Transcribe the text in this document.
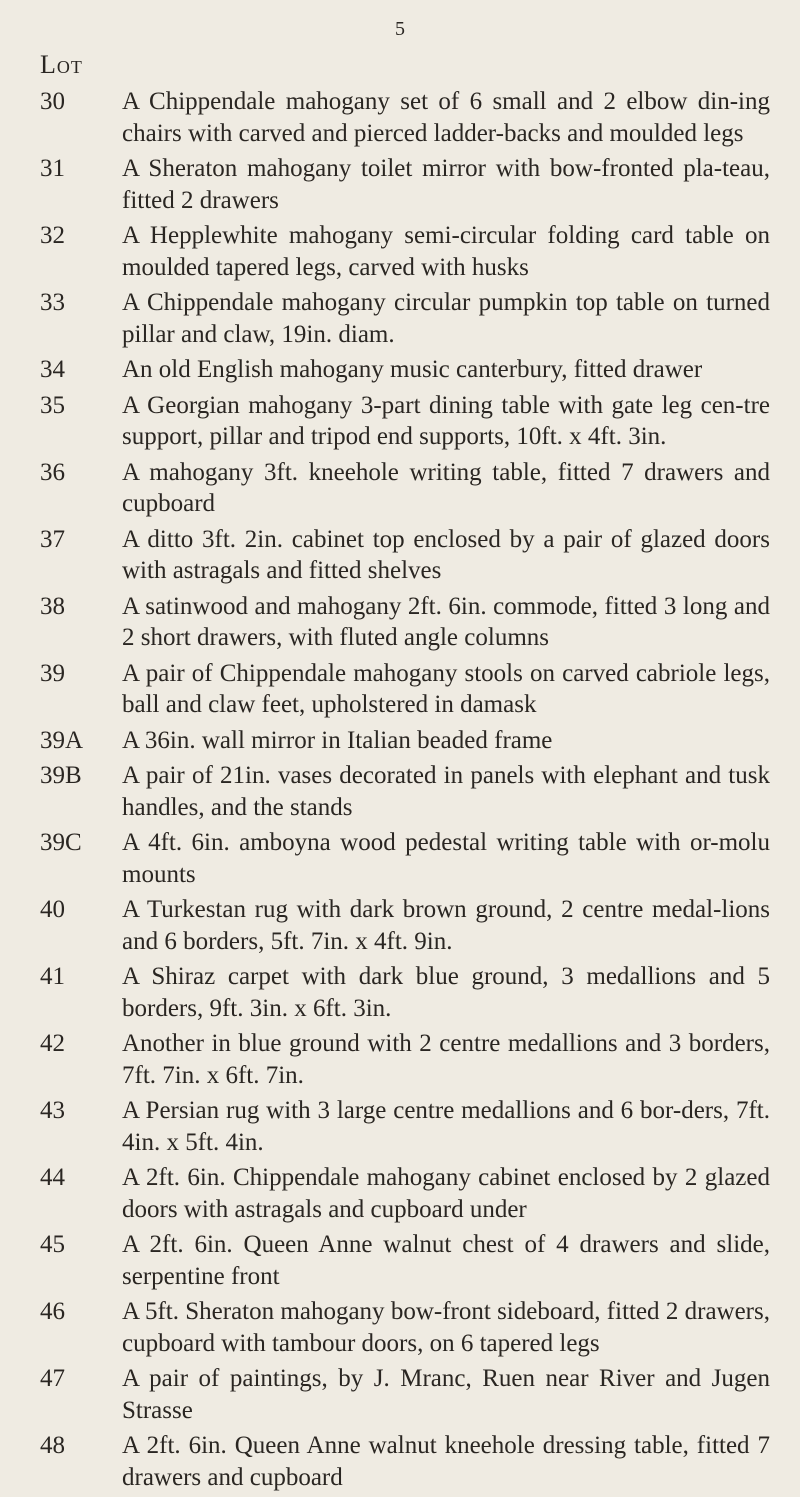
5
Lot
30	A Chippendale mahogany set of 6 small and 2 elbow din-ing chairs with carved and pierced ladder-backs and moulded legs
31	A Sheraton mahogany toilet mirror with bow-fronted pla-teau, fitted 2 drawers
32	A Hepplewhite mahogany semi-circular folding card table on moulded tapered legs, carved with husks
33	A Chippendale mahogany circular pumpkin top table on turned pillar and claw, 19in. diam.
34	An old English mahogany music canterbury, fitted drawer
35	A Georgian mahogany 3-part dining table with gate leg cen-tre support, pillar and tripod end supports, 10ft. x 4ft. 3in.
36	A mahogany 3ft. kneehole writing table, fitted 7 drawers and cupboard
37	A ditto 3ft. 2in. cabinet top enclosed by a pair of glazed doors with astragals and fitted shelves
38	A satinwood and mahogany 2ft. 6in. commode, fitted 3 long and 2 short drawers, with fluted angle columns
39	A pair of Chippendale mahogany stools on carved cabriole legs, ball and claw feet, upholstered in damask
39A	A 36in. wall mirror in Italian beaded frame
39B	A pair of 21in. vases decorated in panels with elephant and tusk handles, and the stands
39C	A 4ft. 6in. amboyna wood pedestal writing table with or-molu mounts
40	A Turkestan rug with dark brown ground, 2 centre medal-lions and 6 borders, 5ft. 7in. x 4ft. 9in.
41	A Shiraz carpet with dark blue ground, 3 medallions and 5 borders, 9ft. 3in. x 6ft. 3in.
42	Another in blue ground with 2 centre medallions and 3 borders, 7ft. 7in. x 6ft. 7in.
43	A Persian rug with 3 large centre medallions and 6 bor-ders, 7ft. 4in. x 5ft. 4in.
44	A 2ft. 6in. Chippendale mahogany cabinet enclosed by 2 glazed doors with astragals and cupboard under
45	A 2ft. 6in. Queen Anne walnut chest of 4 drawers and slide, serpentine front
46	A 5ft. Sheraton mahogany bow-front sideboard, fitted 2 drawers, cupboard with tambour doors, on 6 tapered legs
47	A pair of paintings, by J. Mranc, Ruen near River and Jugen Strasse
48	A 2ft. 6in. Queen Anne walnut kneehole dressing table, fitted 7 drawers and cupboard
